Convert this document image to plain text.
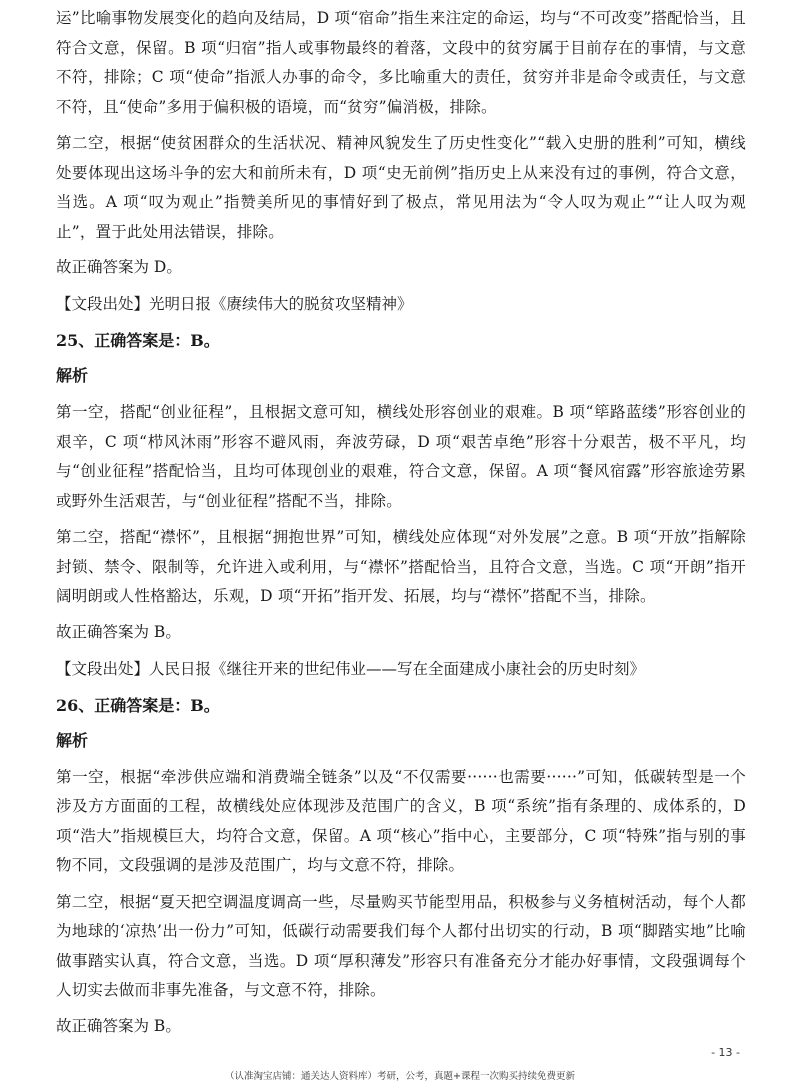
运”比喻事物发展变化的趋向及结局，D 项“宿命”指生来注定的命运，均与“不可改变”搭配恰当，且符合文意，保留。B 项“归宿”指人或事物最终的着落，文段中的贫穷属于目前存在的事情，与文意不符，排除；C 项“使命”指派人办事的命令，多比喻重大的责任，贫穷并非是命令或责任，与文意不符，且“使命”多用于偏积极的语境，而“贫穷”偏消极，排除。

第二空，根据“使贫困群众的生活状况、精神风貌发生了历史性变化”“载入史册的胜利”可知，横线处要体现出这场斗争的宏大和前所未有，D 项“史无前例”指历史上从来没有过的事例，符合文意，当选。A 项“叹为观止”指赞美所见的事情好到了极点，常见用法为“令人叹为观止”“让人叹为观止”，置于此处用法错误，排除。

故正确答案为 D。

【文段出处】光明日报《赓续伟大的脱贫攻坚精神》

25、正确答案是：B。

解析

第一空，搭配“创业征程”，且根据文意可知，横线处形容创业的艰难。B 项“筚路蓝缕”形容创业的艰辛，C 项“栉风沐雨”形容不避风雨，奔波劳碌，D 项“艰苦卓绝”形容十分艰苦，极不平凡，均与“创业征程”搭配恰当，且均可体现创业的艰难，符合文意，保留。A 项“餐风宿露”形容旅途劳累或野外生活艰苦，与“创业征程”搭配不当，排除。

第二空，搭配“襟怀”，且根据“拥抱世界”可知，横线处应体现“对外发展”之意。B 项“开放”指解除封锁、禁令、限制等，允许进入或利用，与“襟怀”搭配恰当，且符合文意，当选。C 项“开朗”指开阔明朗或人性格豁达，乐观，D 项“开拓”指开发、拓展，均与“襟怀”搭配不当，排除。

故正确答案为 B。

【文段出处】人民日报《继往开来的世纪伟业——写在全面建成小康社会的历史时刻》

26、正确答案是：B。

解析

第一空，根据“牵涉供应端和消费端全链条”以及“不仅需要······也需要······”可知，低碳转型是一个涉及方方面面的工程，故横线处应体现涉及范围广的含义，B 项“系统”指有条理的、成体系的，D 项“浩大”指规模巨大，均符合文意，保留。A 项“核心”指中心，主要部分，C 项“特殊”指与别的事物不同，文段强调的是涉及范围广，均与文意不符，排除。

第二空，根据“夏天把空调温度调高一些，尽量购买节能型用品，积极参与义务植树活动，每个人都为地球的‘凉热’出一份力”可知，低碳行动需要我们每个人都付出切实的行动，B 项“脚踏实地”比喻做事踏实认真，符合文意，当选。D 项“厚积薄发”形容只有准备充分才能办好事情，文段强调每个人切实去做而非事先准备，与文意不符，排除。

故正确答案为 B。

- 13 -
（认准淘宝店铺：通关达人资料库）考研，公考，真题+课程一次购买持续免费更新
